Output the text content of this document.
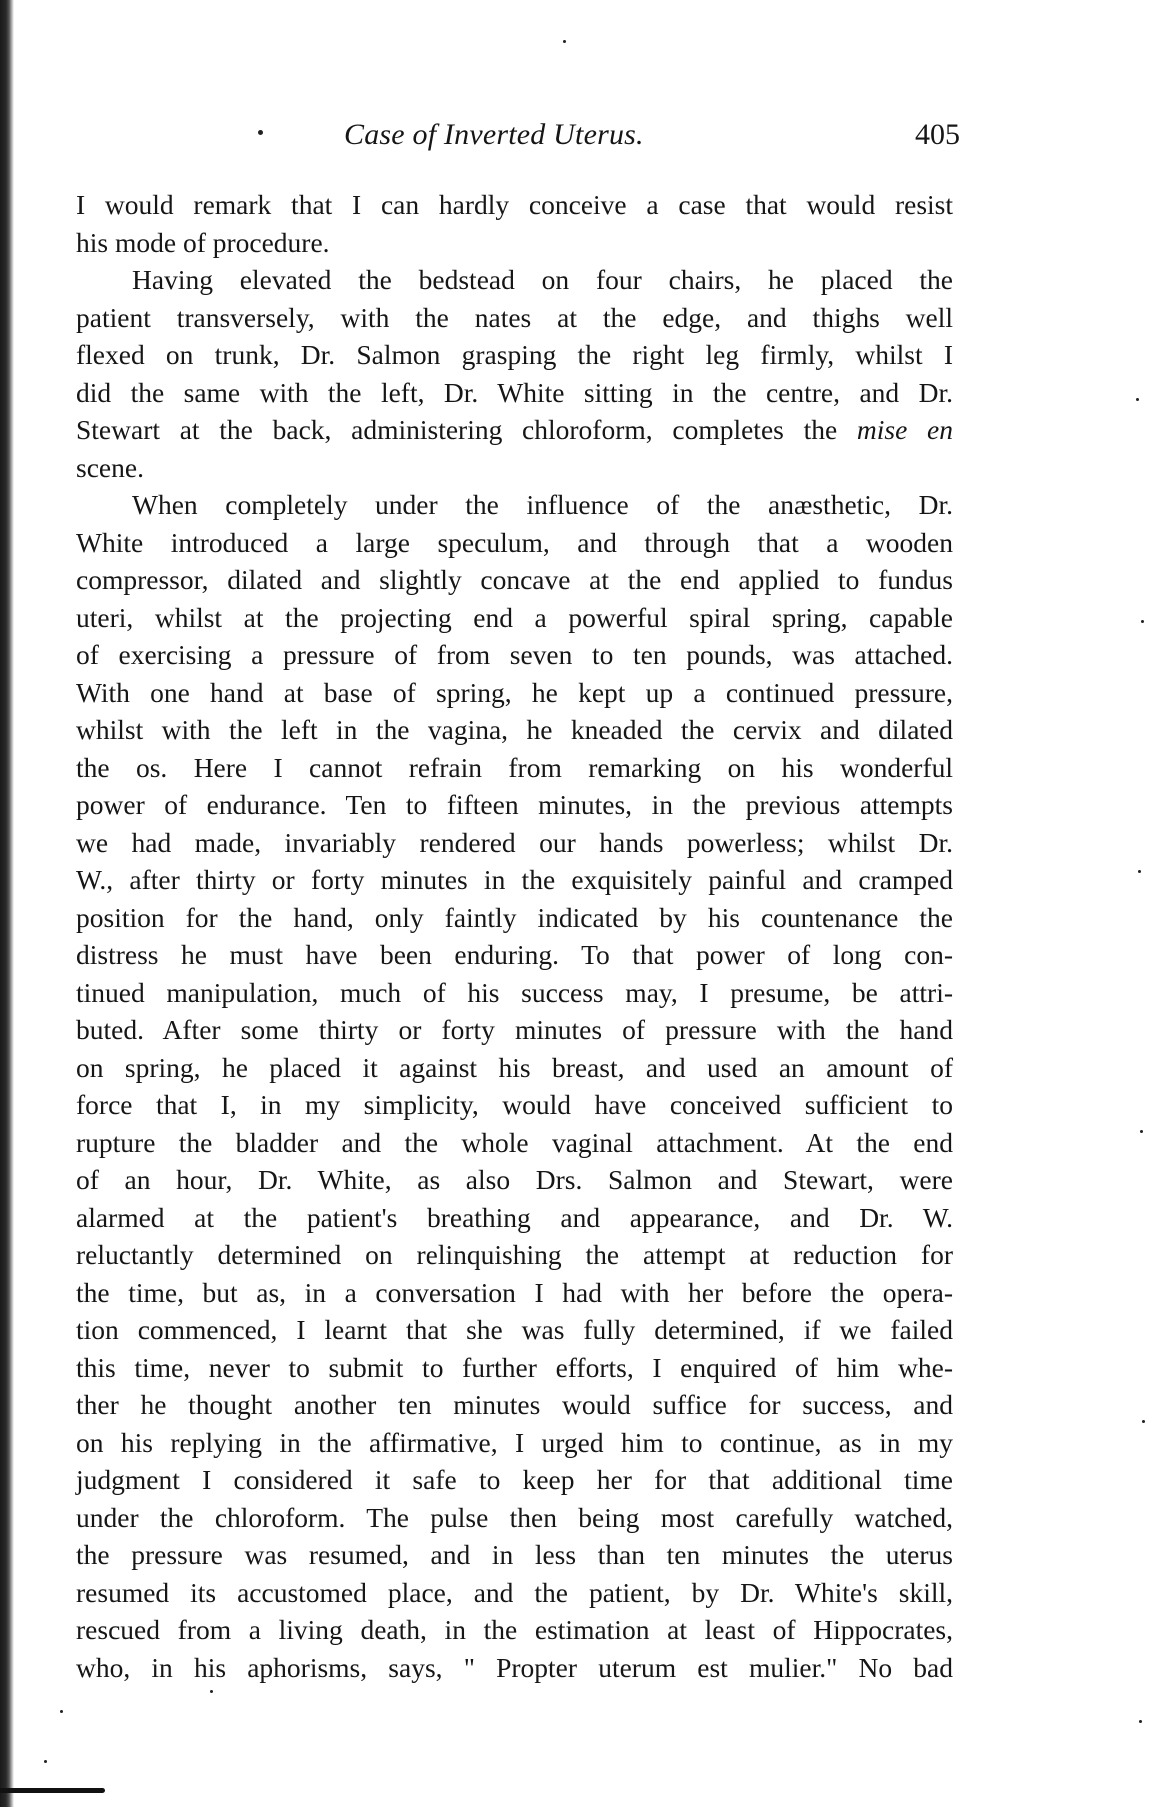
Case of Inverted Uterus.	405
I would remark that I can hardly conceive a case that would resist
his mode of procedure.
Having elevated the bedstead on four chairs, he placed the
patient transversely, with the nates at the edge, and thighs well
flexed on trunk, Dr. Salmon grasping the right leg firmly, whilst I
did the same with the left, Dr. White sitting in the centre, and Dr.
Stewart at the back, administering chloroform, completes the mise en
scene.
When completely under the influence of the anæsthetic, Dr.
White introduced a large speculum, and through that a wooden
compressor, dilated and slightly concave at the end applied to fundus
uteri, whilst at the projecting end a powerful spiral spring, capable
of exercising a pressure of from seven to ten pounds, was attached.
With one hand at base of spring, he kept up a continued pressure,
whilst with the left in the vagina, he kneaded the cervix and dilated
the os. Here I cannot refrain from remarking on his wonderful
power of endurance. Ten to fifteen minutes, in the previous attempts
we had made, invariably rendered our hands powerless; whilst Dr.
W., after thirty or forty minutes in the exquisitely painful and cramped
position for the hand, only faintly indicated by his countenance the
distress he must have been enduring. To that power of long con-
tinued manipulation, much of his success may, I presume, be attri-
buted. After some thirty or forty minutes of pressure with the hand
on spring, he placed it against his breast, and used an amount of
force that I, in my simplicity, would have conceived sufficient to
rupture the bladder and the whole vaginal attachment. At the end
of an hour, Dr. White, as also Drs. Salmon and Stewart, were
alarmed at the patient's breathing and appearance, and Dr. W.
reluctantly determined on relinquishing the attempt at reduction for
the time, but as, in a conversation I had with her before the opera-
tion commenced, I learnt that she was fully determined, if we failed
this time, never to submit to further efforts, I enquired of him whe-
ther he thought another ten minutes would suffice for success, and
on his replying in the affirmative, I urged him to continue, as in my
judgment I considered it safe to keep her for that additional time
under the chloroform. The pulse then being most carefully watched,
the pressure was resumed, and in less than ten minutes the uterus
resumed its accustomed place, and the patient, by Dr. White's skill,
rescued from a living death, in the estimation at least of Hippocrates,
who, in his aphorisms, says, " Propter uterum est mulier." No bad
